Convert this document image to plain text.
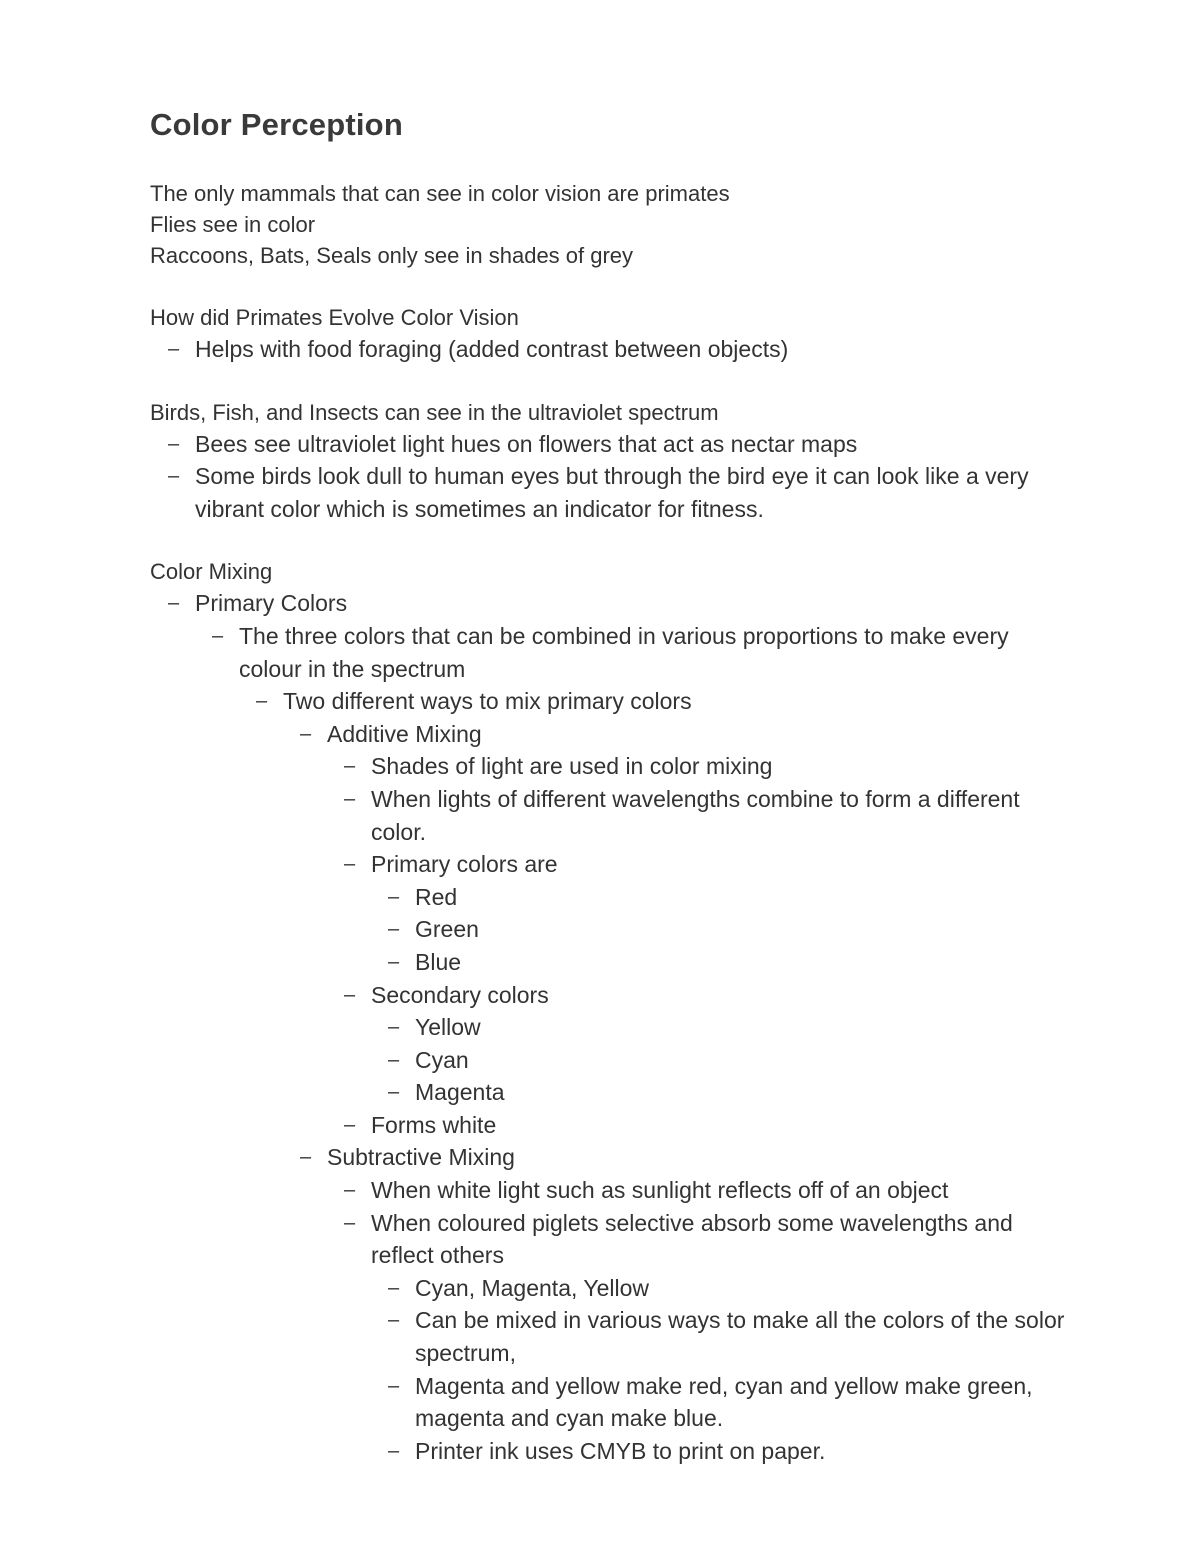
Color Perception
The only mammals that can see in color vision are primates
Flies see in color
Raccoons, Bats, Seals only see in shades of grey
How did Primates Evolve Color Vision
– Helps with food foraging (added contrast between objects)
Birds, Fish, and Insects can see in the ultraviolet spectrum
– Bees see ultraviolet light hues on flowers that act as nectar maps
– Some birds look dull to human eyes but through the bird eye it can look like a very vibrant color which is sometimes an indicator for fitness.
Color Mixing
– Primary Colors
– The three colors that can be combined in various proportions to make every colour in the spectrum
– Two different ways to mix primary colors
– Additive Mixing
– Shades of light are used in color mixing
– When lights of different wavelengths combine to form a different color.
– Primary colors are
– Red
– Green
– Blue
– Secondary colors
– Yellow
– Cyan
– Magenta
– Forms white
– Subtractive Mixing
– When white light such as sunlight reflects off of an object
– When coloured piglets selective absorb some wavelengths and reflect others
– Cyan, Magenta, Yellow
– Can be mixed in various ways to make all the colors of the solor spectrum,
– Magenta and yellow make red, cyan and yellow make green, magenta and cyan make blue.
– Printer ink uses CMYB to print on paper.
